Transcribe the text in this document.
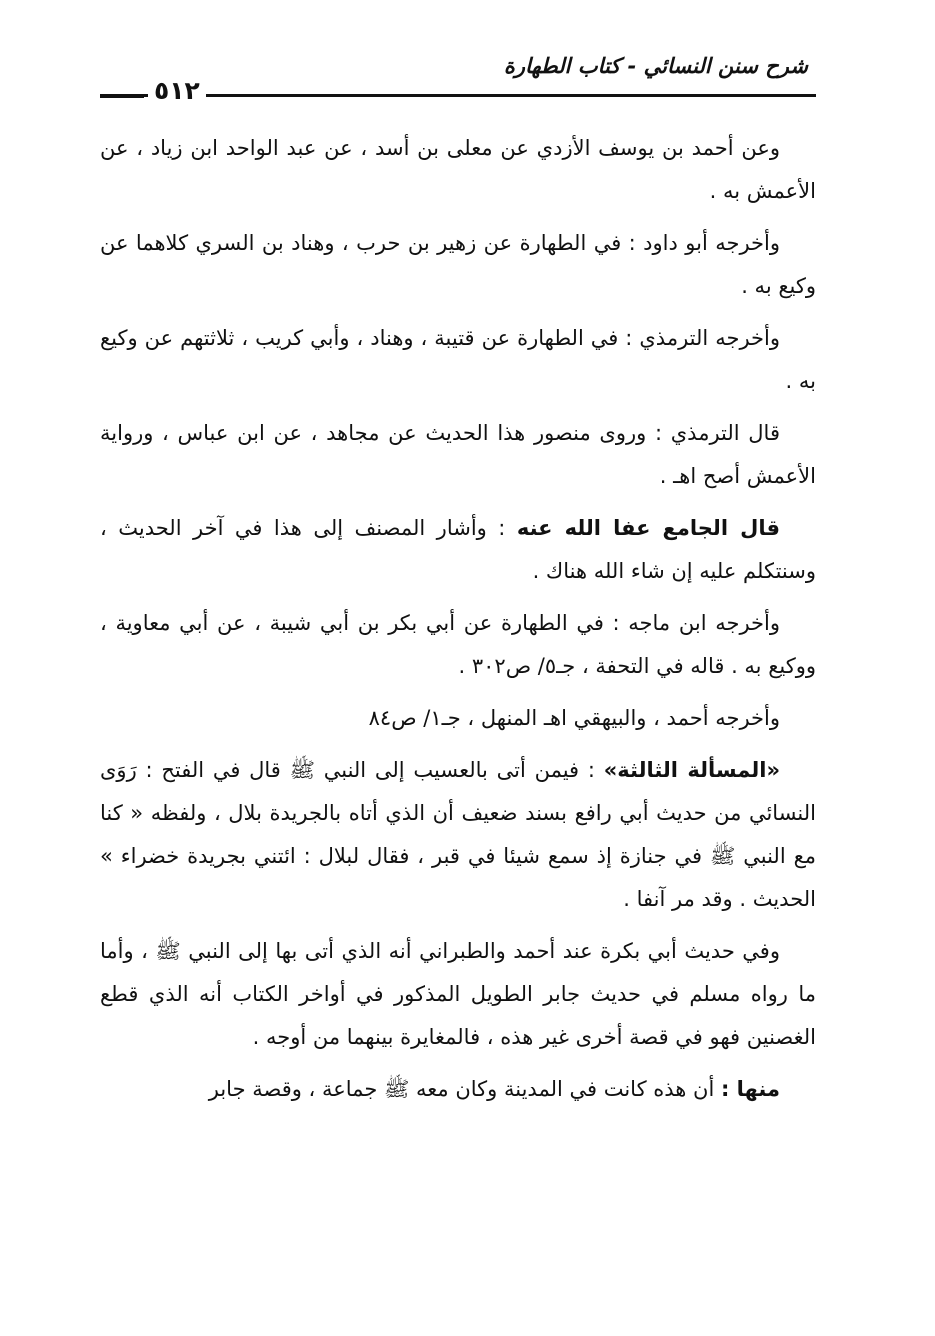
شرح سنن النسائي - كتاب الطهارة
٥١٢

وعن أحمد بن يوسف الأزدي عن معلى بن أسد ، عن عبد الواحد ابن زياد ، عن الأعمش به .

وأخرجه أبو داود : في الطهارة عن زهير بن حرب ، وهناد بن السري كلاهما عن وكيع به .

وأخرجه الترمذي : في الطهارة عن قتيبة ، وهناد ، وأبي كريب ، ثلاثتهم عن وكيع به .

قال الترمذي : وروى منصور هذا الحديث عن مجاهد ، عن ابن عباس ، ورواية الأعمش أصح اهـ .

قال الجامع عفا الله عنه : وأشار المصنف إلى هذا في آخر الحديث ، وسنتكلم عليه إن شاء الله هناك .

وأخرجه ابن ماجه : في الطهارة عن أبي بكر بن أبي شيبة ، عن أبي معاوية ، ووكيع به . قاله في التحفة ، جـ٥/ ص٣٠٢ .

وأخرجه أحمد ، والبيهقي اهـ المنهل ، جـ١/ ص٨٤

«المسألة الثالثة» : فيمن أتى بالعسيب إلى النبي ﷺ قال في الفتح : رَوَى النسائي من حديث أبي رافع بسند ضعيف أن الذي أتاه بالجريدة بلال ، ولفظه « كنا مع النبي ﷺ في جنازة إذ سمع شيئا في قبر ، فقال لبلال : ائتني بجريدة خضراء » الحديث . وقد مر آنفا .

وفي حديث أبي بكرة عند أحمد والطبراني أنه الذي أتى بها إلى النبي ﷺ ، وأما ما رواه مسلم في حديث جابر الطويل المذكور في أواخر الكتاب أنه الذي قطع الغصنين فهو في قصة أخرى غير هذه ، فالمغايرة بينهما من أوجه .

منها : أن هذه كانت في المدينة وكان معه ﷺ جماعة ، وقصة جابر
